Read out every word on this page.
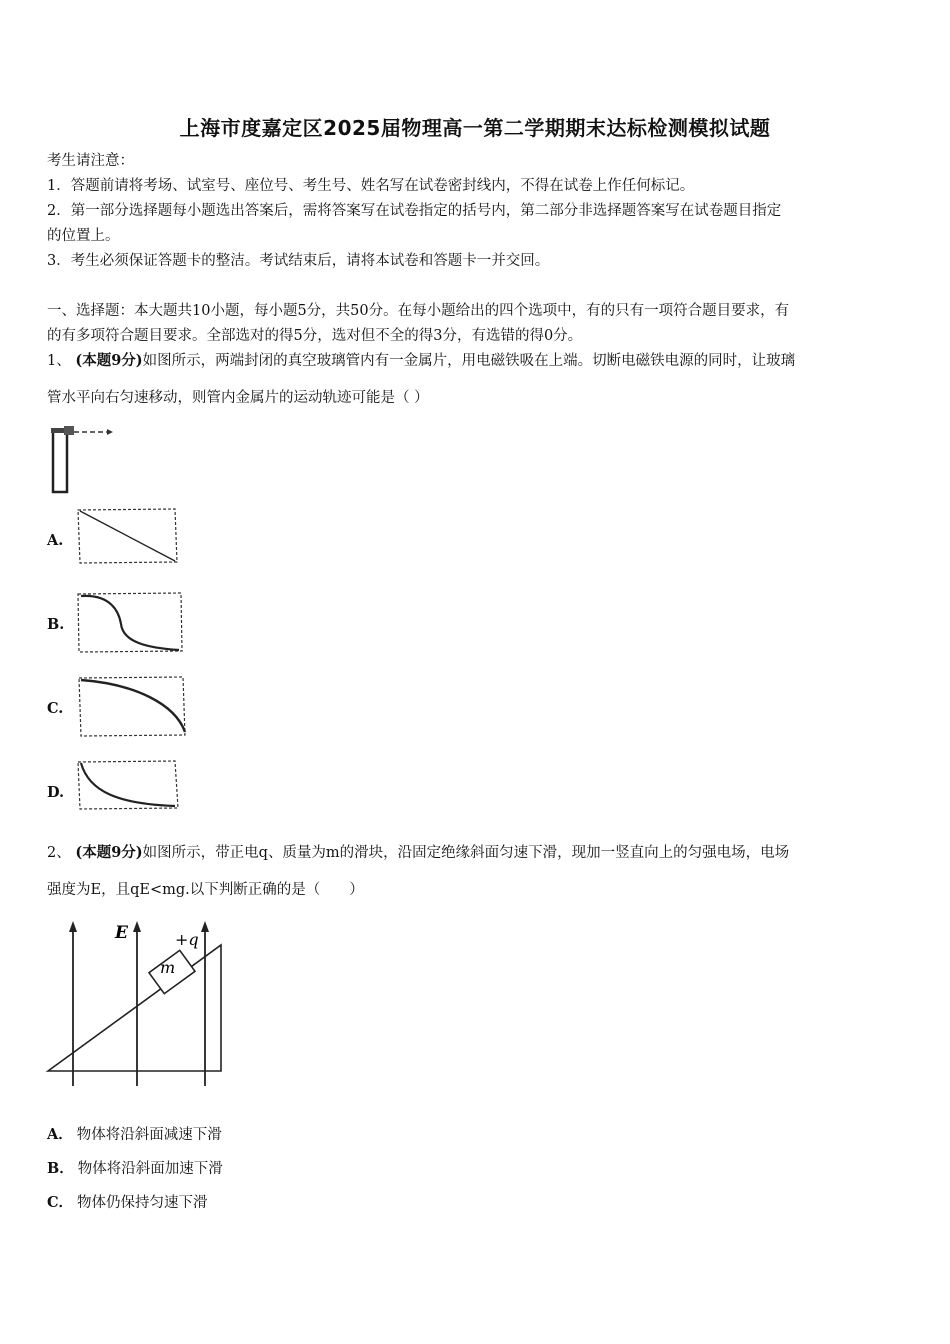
上海市度嘉定区2025届物理高一第二学期期末达标检测模拟试题
考生请注意：
1．答题前请将考场、试室号、座位号、考生号、姓名写在试卷密封线内，不得在试卷上作任何标记。
2．第一部分选择题每小题选出答案后，需将答案写在试卷指定的括号内，第二部分非选择题答案写在试卷题目指定
的位置上。
3．考生必须保证答题卡的整洁。考试结束后，请将本试卷和答题卡一并交回。
一、选择题：本大题共10小题，每小题5分，共50分。在每小题给出的四个选项中，有的只有一项符合题目要求，有
的有多项符合题目要求。全部选对的得5分，选对但不全的得3分，有选错的得0分。
1、 (本题9分)如图所示，两端封闭的真空玻璃管内有一金属片，用电磁铁吸在上端。切断电磁铁电源的同时，让玻璃
管水平向右匀速移动，则管内金属片的运动轨迹可能是（ ）
A.
B.
C.
D.
2、 (本题9分)如图所示，带正电q、质量为m的滑块，沿固定绝缘斜面匀速下滑，现加一竖直向上的匀强电场，电场
强度为E，且qE<mg.以下判断正确的是（　　）
E	+q
m
A． 物体将沿斜面减速下滑
B． 物体将沿斜面加速下滑
C． 物体仍保持匀速下滑
